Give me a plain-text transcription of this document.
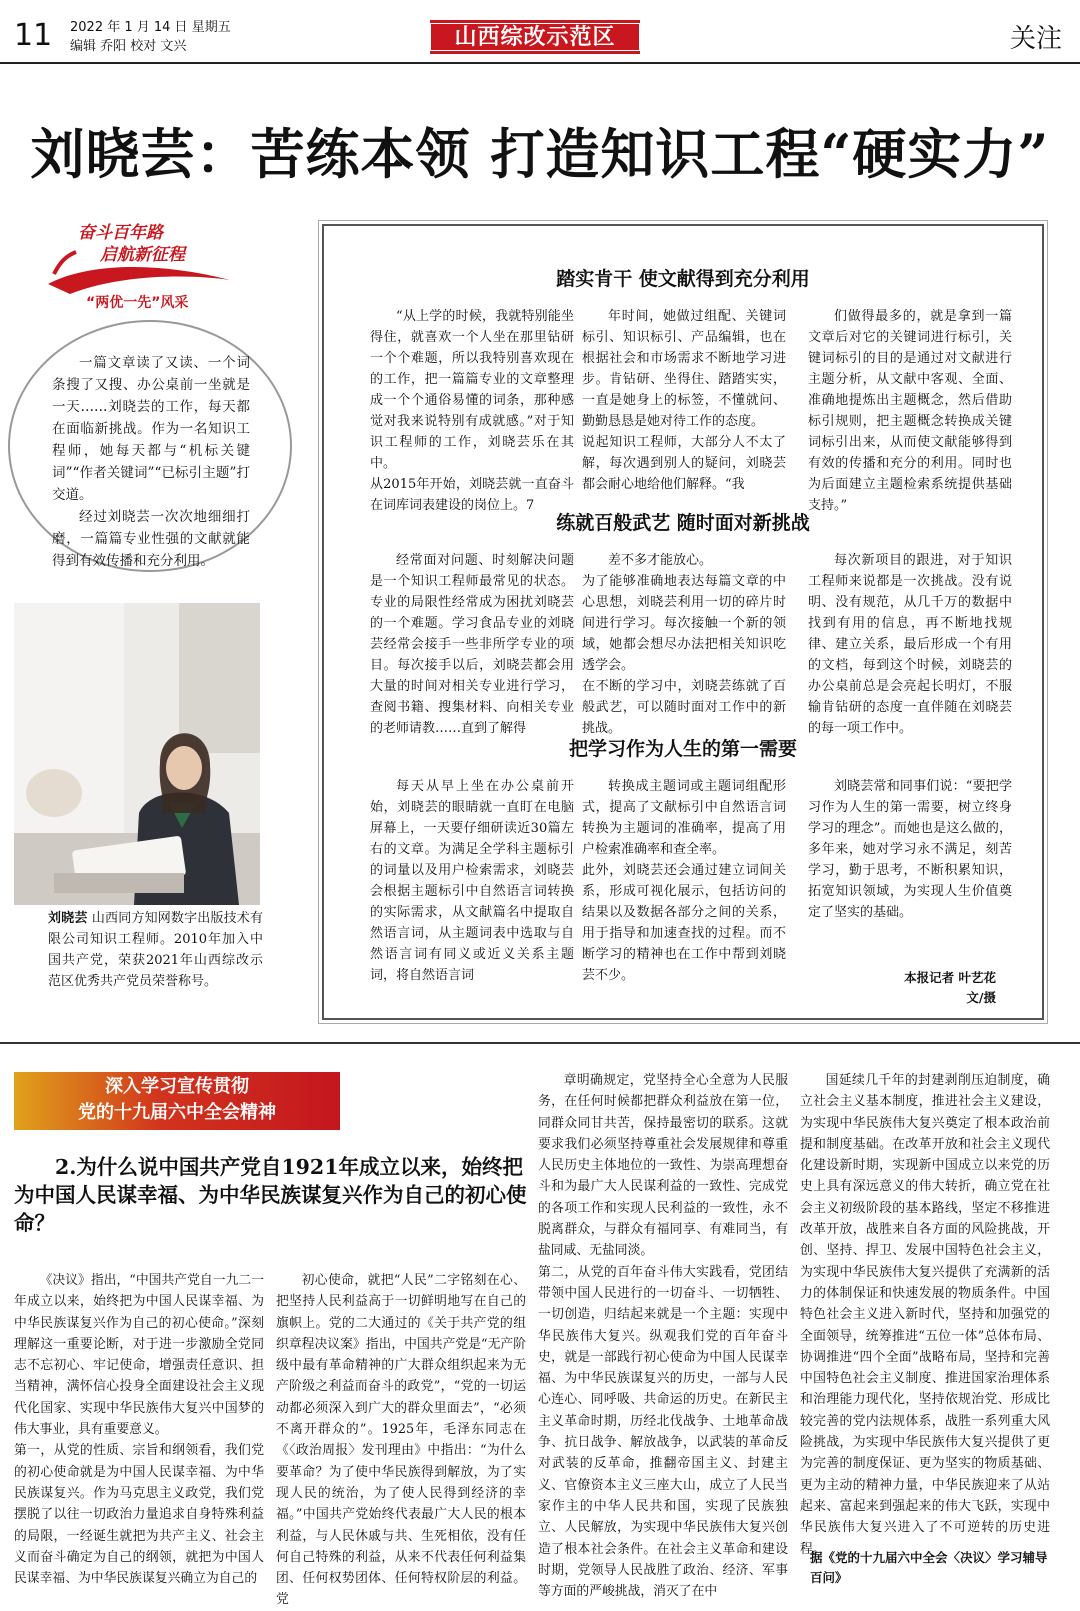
11 2022 年 1 月 14 日 星期五
编辑 乔阳 校对 文兴	山西综改示范区	关注
刘晓芸：苦练本领 打造知识工程“硬实力”
奋斗百年路
启航新征程
“两优一先”风采
一篇文章读了又读、一个词条搜了又搜、办公桌前一坐就是一天……刘晓芸的工作，每天都在面临新挑战。作为一名知识工程师，她每天都与“机标关键词”“作者关键词”“已标引主题”打交道。
经过刘晓芸一次次地细细打磨，一篇篇专业性强的文献就能得到有效传播和充分利用。
刘晓芸 山西同方知网数字出版技术有限公司知识工程师。2010年加入中国共产党，荣获2021年山西综改示范区优秀共产党员荣誉称号。
踏实肯干 使文献得到充分利用
“从上学的时候，我就特别能坐得住，就喜欢一个人坐在那里钻研一个个难题，所以我特别喜欢现在的工作，把一篇篇专业的文章整理成一个个通俗易懂的词条，那种感觉对我来说特别有成就感。”对于知识工程师的工作，刘晓芸乐在其中。
从2015年开始，刘晓芸就一直奋斗在词库词表建设的岗位上。7
年时间，她做过组配、关键词标引、知识标引、产品编辑，也在根据社会和市场需求不断地学习进步。肯钻研、坐得住、踏踏实实，一直是她身上的标签，不懂就问、勤勤恳恳是她对待工作的态度。
说起知识工程师，大部分人不太了解，每次遇到别人的疑问，刘晓芸都会耐心地给他们解释。“我
们做得最多的，就是拿到一篇文章后对它的关键词进行标引，关键词标引的目的是通过对文献进行主题分析，从文献中客观、全面、准确地提炼出主题概念，然后借助标引规则，把主题概念转换成关键词标引出来，从而使文献能够得到有效的传播和充分的利用。同时也为后面建立主题检索系统提供基础支持。”
练就百般武艺 随时面对新挑战
经常面对问题、时刻解决问题是一个知识工程师最常见的状态。专业的局限性经常成为困扰刘晓芸的一个难题。学习食品专业的刘晓芸经常会接手一些非所学专业的项目。每次接手以后，刘晓芸都会用大量的时间对相关专业进行学习，查阅书籍、搜集材料、向相关专业的老师请教……直到了解得
差不多才能放心。
为了能够准确地表达每篇文章的中心思想，刘晓芸利用一切的碎片时间进行学习。每次接触一个新的领域，她都会想尽办法把相关知识吃透学会。
在不断的学习中，刘晓芸练就了百般武艺，可以随时面对工作中的新挑战。
每次新项目的跟进，对于知识工程师来说都是一次挑战。没有说明、没有规范，从几千万的数据中找到有用的信息，再不断地找规律、建立关系，最后形成一个有用的文档，每到这个时候，刘晓芸的办公桌前总是会亮起长明灯，不服输肯钻研的态度一直伴随在刘晓芸的每一项工作中。
把学习作为人生的第一需要
每天从早上坐在办公桌前开始，刘晓芸的眼睛就一直盯在电脑屏幕上，一天要仔细研读近30篇左右的文章。为满足全学科主题标引的词量以及用户检索需求，刘晓芸会根据主题标引中自然语言词转换的实际需求，从文献篇名中提取自然语言词，从主题词表中选取与自然语言词有同义或近义关系主题词，将自然语言词
转换成主题词或主题词组配形式，提高了文献标引中自然语言词转换为主题词的准确率，提高了用户检索准确率和查全率。
此外，刘晓芸还会通过建立词间关系，形成可视化展示，包括访问的结果以及数据各部分之间的关系，用于指导和加速查找的过程。而不断学习的精神也在工作中帮到刘晓芸不少。
刘晓芸常和同事们说：“要把学习作为人生的第一需要，树立终身学习的理念”。而她也是这么做的，多年来，她对学习永不满足，刻苦学习，勤于思考，不断积累知识，拓宽知识领域，为实现人生价值奠定了坚实的基础。
本报记者 叶艺花
文/摄
深入学习宣传贯彻
党的十九届六中全会精神
2.为什么说中国共产党自1921年成立以来，始终把为中国人民谋幸福、为中华民族谋复兴作为自己的初心使命？
《决议》指出，“中国共产党自一九二一年成立以来，始终把为中国人民谋幸福、为中华民族谋复兴作为自己的初心使命。”深刻理解这一重要论断，对于进一步激励全党同志不忘初心、牢记使命，增强责任意识、担当精神，满怀信心投身全面建设社会主义现代化国家、实现中华民族伟大复兴中国梦的伟大事业，具有重要意义。
第一，从党的性质、宗旨和纲领看，我们党的初心使命就是为中国人民谋幸福、为中华民族谋复兴。作为马克思主义政党，我们党摆脱了以往一切政治力量追求自身特殊利益的局限，一经诞生就把为共产主义、社会主义而奋斗确定为自己的纲领，就把为中国人民谋幸福、为中华民族谋复兴确立为自己的
初心使命，就把“人民”二字铭刻在心、把坚持人民利益高于一切鲜明地写在自己的旗帜上。党的二大通过的《关于共产党的组织章程决议案》指出，中国共产党是“无产阶级中最有革命精神的广大群众组织起来为无产阶级之利益而奋斗的政党”，“党的一切运动都必须深入到广大的群众里面去”，“必须不离开群众的”。1925年，毛泽东同志在《〈政治周报〉发刊理由》中指出：“为什么要革命？为了使中华民族得到解放，为了实现人民的统治，为了使人民得到经济的幸福。”中国共产党始终代表最广大人民的根本利益，与人民休戚与共、生死相依，没有任何自己特殊的利益，从来不代表任何利益集团、任何权势团体、任何特权阶层的利益。党
章明确规定，党坚持全心全意为人民服务，在任何时候都把群众利益放在第一位，同群众同甘共苦，保持最密切的联系。这就要求我们必须坚持尊重社会发展规律和尊重人民历史主体地位的一致性、为崇高理想奋斗和为最广大人民谋利益的一致性、完成党的各项工作和实现人民利益的一致性，永不脱离群众，与群众有福同享、有难同当，有盐同咸、无盐同淡。
第二，从党的百年奋斗伟大实践看，党团结带领中国人民进行的一切奋斗、一切牺牲、一切创造，归结起来就是一个主题：实现中华民族伟大复兴。纵观我们党的百年奋斗史，就是一部践行初心使命为中国人民谋幸福、为中华民族谋复兴的历史，一部与人民心连心、同呼吸、共命运的历史。在新民主主义革命时期，历经北伐战争、土地革命战争、抗日战争、解放战争，以武装的革命反对武装的反革命，推翻帝国主义、封建主义、官僚资本主义三座大山，成立了人民当家作主的中华人民共和国，实现了民族独立、人民解放，为实现中华民族伟大复兴创造了根本社会条件。在社会主义革命和建设时期，党领导人民战胜了政治、经济、军事等方面的严峻挑战，消灭了在中
国延续几千年的封建剥削压迫制度，确立社会主义基本制度，推进社会主义建设，为实现中华民族伟大复兴奠定了根本政治前提和制度基础。在改革开放和社会主义现代化建设新时期，实现新中国成立以来党的历史上具有深远意义的伟大转折，确立党在社会主义初级阶段的基本路线，坚定不移推进改革开放，战胜来自各方面的风险挑战，开创、坚持、捍卫、发展中国特色社会主义，为实现中华民族伟大复兴提供了充满新的活力的体制保证和快速发展的物质条件。中国特色社会主义进入新时代，坚持和加强党的全面领导，统筹推进“五位一体”总体布局、协调推进“四个全面”战略布局，坚持和完善中国特色社会主义制度、推进国家治理体系和治理能力现代化，坚持依规治党、形成比较完善的党内法规体系，战胜一系列重大风险挑战，为实现中华民族伟大复兴提供了更为完善的制度保证、更为坚实的物质基础、更为主动的精神力量，中华民族迎来了从站起来、富起来到强起来的伟大飞跃，实现中华民族伟大复兴进入了不可逆转的历史进程。
据《党的十九届六中全会〈决议〉学习辅导百问》
